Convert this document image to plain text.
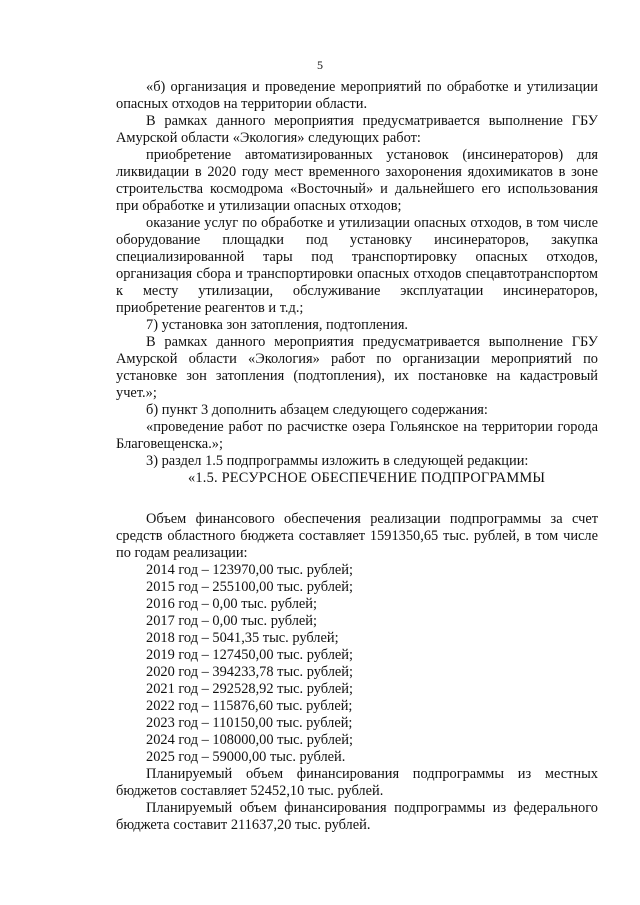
5

«б) организация и проведение мероприятий по обработке и утилизации опасных отходов на территории области.

В рамках данного мероприятия предусматривается выполнение ГБУ Амурской области «Экология» следующих работ:

приобретение автоматизированных установок (инсинераторов) для ликвидации в 2020 году мест временного захоронения ядохимикатов в зоне строительства космодрома «Восточный» и дальнейшего его использования при обработке и утилизации опасных отходов;

оказание услуг по обработке и утилизации опасных отходов, в том числе оборудование площадки под установку инсинераторов, закупка специализированной тары под транспортировку опасных отходов, организация сбора и транспортировки опасных отходов спецавтотранспортом к месту утилизации, обслуживание эксплуатации инсинераторов, приобретение реагентов и т.д.;

7) установка зон затопления, подтопления.

В рамках данного мероприятия предусматривается выполнение ГБУ Амурской области «Экология» работ по организации мероприятий по установке зон затопления (подтопления), их постановке на кадастровый учет.»;

б) пункт 3 дополнить абзацем следующего содержания:

«проведение работ по расчистке озера Гольянское на территории города Благовещенска.»;

3) раздел 1.5 подпрограммы изложить в следующей редакции:

«1.5. РЕСУРСНОЕ ОБЕСПЕЧЕНИЕ ПОДПРОГРАММЫ

Объем финансового обеспечения реализации подпрограммы за счет средств областного бюджета составляет 1591350,65 тыс. рублей, в том числе по годам реализации:

2014 год – 123970,00 тыс. рублей;
2015 год – 255100,00 тыс. рублей;
2016 год – 0,00 тыс. рублей;
2017 год – 0,00 тыс. рублей;
2018 год – 5041,35 тыс. рублей;
2019 год – 127450,00 тыс. рублей;
2020 год – 394233,78 тыс. рублей;
2021 год – 292528,92 тыс. рублей;
2022 год – 115876,60 тыс. рублей;
2023 год – 110150,00 тыс. рублей;
2024 год – 108000,00 тыс. рублей;
2025 год – 59000,00 тыс. рублей.

Планируемый объем финансирования подпрограммы из местных бюджетов составляет 52452,10 тыс. рублей.

Планируемый объем финансирования подпрограммы из федерального бюджета составит 211637,20 тыс. рублей.
